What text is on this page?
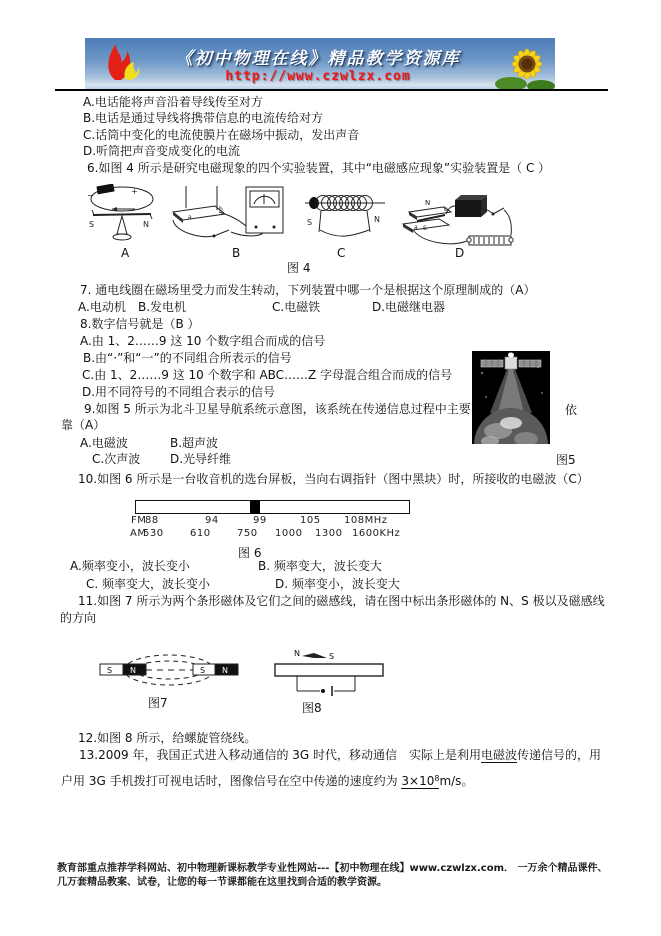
《初中物理在线》精品教学资源库
http://www.czwlzx.com
A.电话能将声音沿着导线传至对方
B.电话是通过导线将携带信息的电流传给对方
C.话筒中变化的电流使膜片在磁场中振动，发出声音
D.听筒把声音变成变化的电流
6.如图 4 所示是研究电磁现象的四个实验装置，其中“电磁感应现象”实验装置是（ C ）
+
−
S	N
b
a
S	N
N
a S
b
A	B	C	D
图 4
7. 通电线圈在磁场里受力而发生转动，下列装置中哪一个是根据这个原理制成的（A）
A.电动机 B.发电机	C.电磁铁	D.电磁继电器
8.数字信号就是（B ）
A.由 1、2……9 这 10 个数字组合而成的信号
B.由“·”和“一”的不同组合所表示的信号
C.由 1、2……9 这 10 个数字和 ABC……Z 字母混合组合而成的信号
D.用不同符号的不同组合表示的信号
9.如图 5 所示为北斗卫星导航系统示意图，该系统在传递信息过程中主要	依
靠（A）
A.电磁波	B.超声波
C.次声波 D.光导纤维	图5
10.如图 6 所示是一台收音机的选台屏板，当向右调指针（图中黑块）时，所接收的电磁波（C）
FM
88	94	99	105 108MHz
AM
530	610	750 1000 1300 1600KHz
图 6
A.频率变小，波长变小	B. 频率变大，波长变大
C. 频率变大，波长变小	D. 频率变小，波长变大
11.如图 7 所示为两个条形磁体及它们之间的磁感线，请在图中标出条形磁体的 N、S 极以及磁感线
的方向
S N	S N
图7
N	S
图8
12.如图 8 所示，给螺旋管绕线。
13.2009 年，我国正式进入移动通信的 3G 时代，移动通信　实际上是利用电磁波传递信号的，用
户用 3G 手机拨打可视电话时，图像信号在空中传递的速度约为 $3\times 10^8m/s$。
教育部重点推荐学科网站、初中物理新课标教学专业性网站---【初中物理在线】www.czwlzx.com． 一万余个精品课件、
几万套精品教案、试卷，让您的每一节课都能在这里找到合适的教学资源。
